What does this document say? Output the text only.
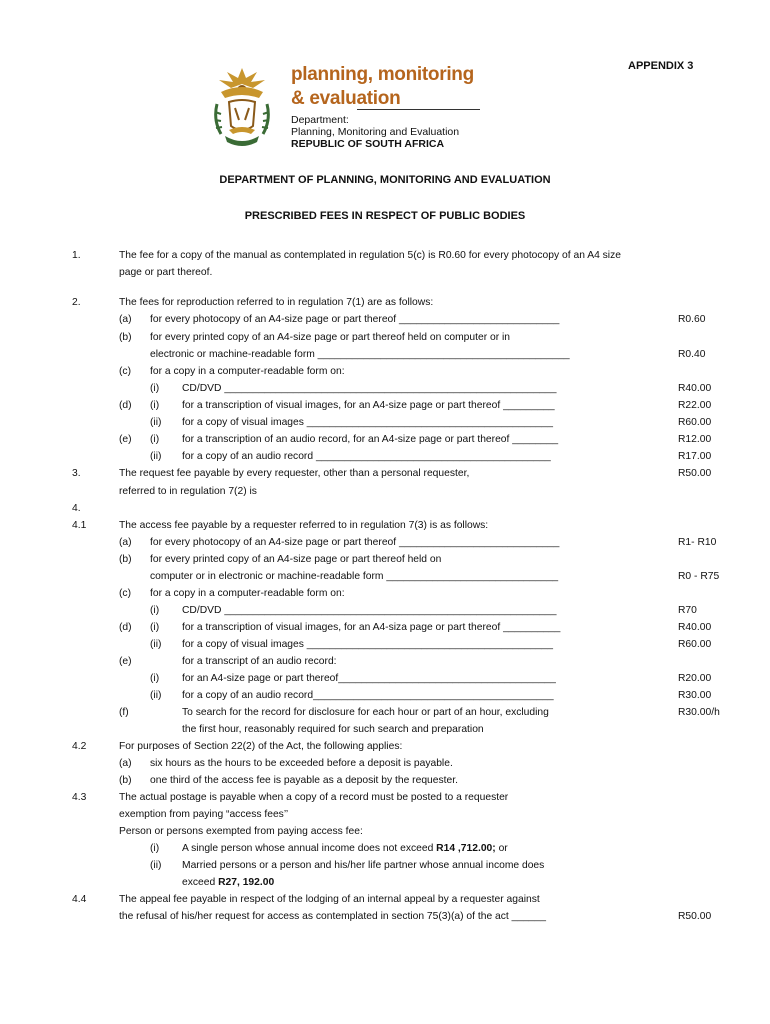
APPENDIX 3
planning, monitoring
& evaluation
Department:
Planning, Monitoring and Evaluation
REPUBLIC OF SOUTH AFRICA
DEPARTMENT OF PLANNING, MONITORING AND EVALUATION
PRESCRIBED FEES IN RESPECT OF PUBLIC BODIES
1.	The fee for a copy of the manual as contemplated in regulation 5(c) is R0.60 for every photocopy of an A4 size
page or part thereof.
2.	The fees for reproduction referred to in regulation 7(1) are as follows:
(a) for every photocopy of an A4-size page or part thereof ____________________________	R0.60
(b) for every printed copy of an A4-size page or part thereof held on computer or in
electronic or machine-readable form ____________________________________________	R0.40
(c) for a copy in a computer-readable form on:
(i) CD/DVD __________________________________________________________	R40.00
(d) (i) for a transcription of visual images, for an A4-size page or part thereof _________	R22.00
(ii) for a copy of visual images ___________________________________________	R60.00
(e) (i) for a transcription of an audio record, for an A4-size page or part thereof ________	R12.00
(ii) for a copy of an audio record _________________________________________	R17.00
3.	The request fee payable by every requester, other than a personal requester,	R50.00
referred to in regulation 7(2) is
4.
4.1	The access fee payable by a requester referred to in regulation 7(3) is as follows:
(a) for every photocopy of an A4-size page or part thereof ____________________________	R1- R10
(b) for every printed copy of an A4-size page or part thereof held on
computer or in electronic or machine-readable form ______________________________	R0 - R75
(c) for a copy in a computer-readable form on:
(i) CD/DVD __________________________________________________________	R70
(d) (i) for a transcription of visual images, for an A4-siza page or part thereof __________	R40.00
(ii) for a copy of visual images ___________________________________________	R60.00
(e)	for a transcript of an audio record:
(i) for an A4-size page or part thereof______________________________________	R20.00
(ii) for a copy of an audio record__________________________________________	R30.00
(f)	To search for the record for disclosure for each hour or part of an hour, excluding	R30.00/h
the first hour, reasonably required for such search and preparation
4.2	For purposes of Section 22(2) of the Act, the following applies:
(a) six hours as the hours to be exceeded before a deposit is payable.
(b) one third of the access fee is payable as a deposit by the requester.
4.3	The actual postage is payable when a copy of a record must be posted to a requester
exemption from paying “access fees’’
Person or persons exempted from paying access fee:
(i) A single person whose annual income does not exceed R14 ,712.00; or
(ii) Married persons or a person and his/her life partner whose annual income does
exceed R27, 192.00
4.4	The appeal fee payable in respect of the lodging of an internal appeal by a requester against
the refusal of his/her request for access as contemplated in section 75(3)(a) of the act ______	R50.00
